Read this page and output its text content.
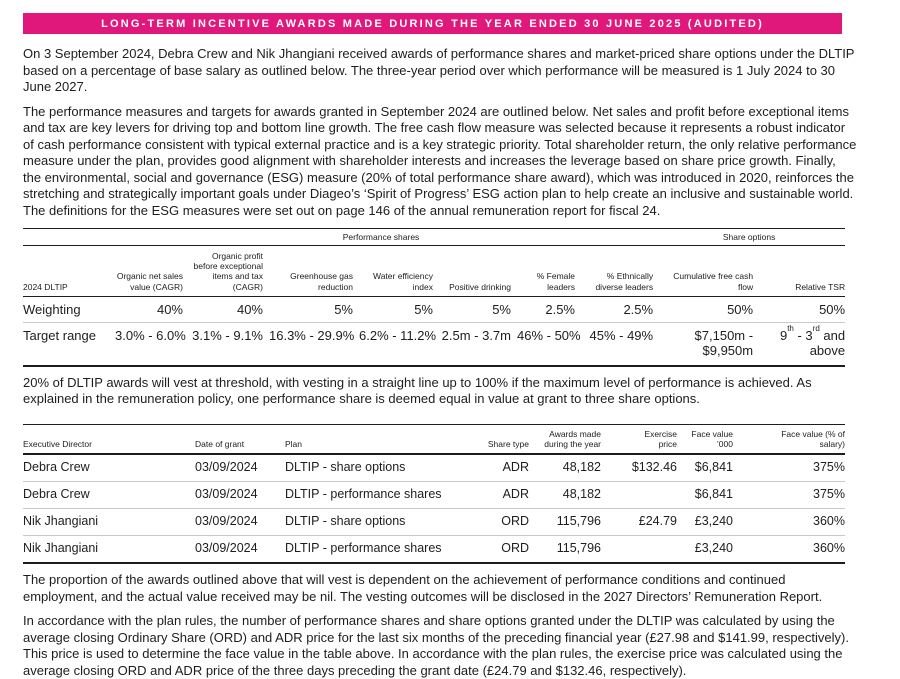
LONG-TERM INCENTIVE AWARDS MADE DURING THE YEAR ENDED 30 JUNE 2025 (AUDITED)

On 3 September 2024, Debra Crew and Nik Jhangiani received awards of performance shares and market-priced share options under the DLTIP based on a percentage of base salary as outlined below. The three-year period over which performance will be measured is 1 July 2024 to 30 June 2027.

The performance measures and targets for awards granted in September 2024 are outlined below. Net sales and profit before exceptional items and tax are key levers for driving top and bottom line growth. The free cash flow measure was selected because it represents a robust indicator of cash performance consistent with typical external practice and is a key strategic priority. Total shareholder return, the only relative performance measure under the plan, provides good alignment with shareholder interests and increases the leverage based on share price growth. Finally, the environmental, social and governance (ESG) measure (20% of total performance share award), which was introduced in 2020, reinforces the stretching and strategically important goals under Diageo’s ‘Spirit of Progress’ ESG action plan to help create an inclusive and sustainable world. The definitions for the ESG measures were set out on page 146 of the annual remuneration report for fiscal 24.

	Performance shares							Share options	
2024 DLTIP	Organic net sales value (CAGR)	Organic profit before exceptional items and tax (CAGR)	Greenhouse gas reduction	Water efficiency index	Positive drinking	% Female leaders	% Ethnically diverse leaders	Cumulative free cash flow	Relative TSR
Weighting	40%	40%	5%	5%	5%	2.5%	2.5%	50%	50%
Target range	3.0% - 6.0%	3.1% - 9.1%	16.3% - 29.9%	6.2% - 11.2%	2.5m - 3.7m	46% - 50%	45% - 49%	$7,150m - $9,950m	9th - 3rd and above

20% of DLTIP awards will vest at threshold, with vesting in a straight line up to 100% if the maximum level of performance is achieved. As explained in the remuneration policy, one performance share is deemed equal in value at grant to three share options.

Executive Director	Date of grant	Plan	Share type	Awards made during the year	Exercise price	Face value ’000	Face value (% of salary)
Debra Crew	03/09/2024	DLTIP - share options	ADR	48,182	$132.46	$6,841	375%
Debra Crew	03/09/2024	DLTIP - performance shares	ADR	48,182		$6,841	375%
Nik Jhangiani	03/09/2024	DLTIP - share options	ORD	115,796	£24.79	£3,240	360%
Nik Jhangiani	03/09/2024	DLTIP - performance shares	ORD	115,796		£3,240	360%

The proportion of the awards outlined above that will vest is dependent on the achievement of performance conditions and continued employment, and the actual value received may be nil. The vesting outcomes will be disclosed in the 2027 Directors’ Remuneration Report.

In accordance with the plan rules, the number of performance shares and share options granted under the DLTIP was calculated by using the average closing Ordinary Share (ORD) and ADR price for the last six months of the preceding financial year (£27.98 and $141.99, respectively). This price is used to determine the face value in the table above. In accordance with the plan rules, the exercise price was calculated using the average closing ORD and ADR price of the three days preceding the grant date (£24.79 and $132.46, respectively).
